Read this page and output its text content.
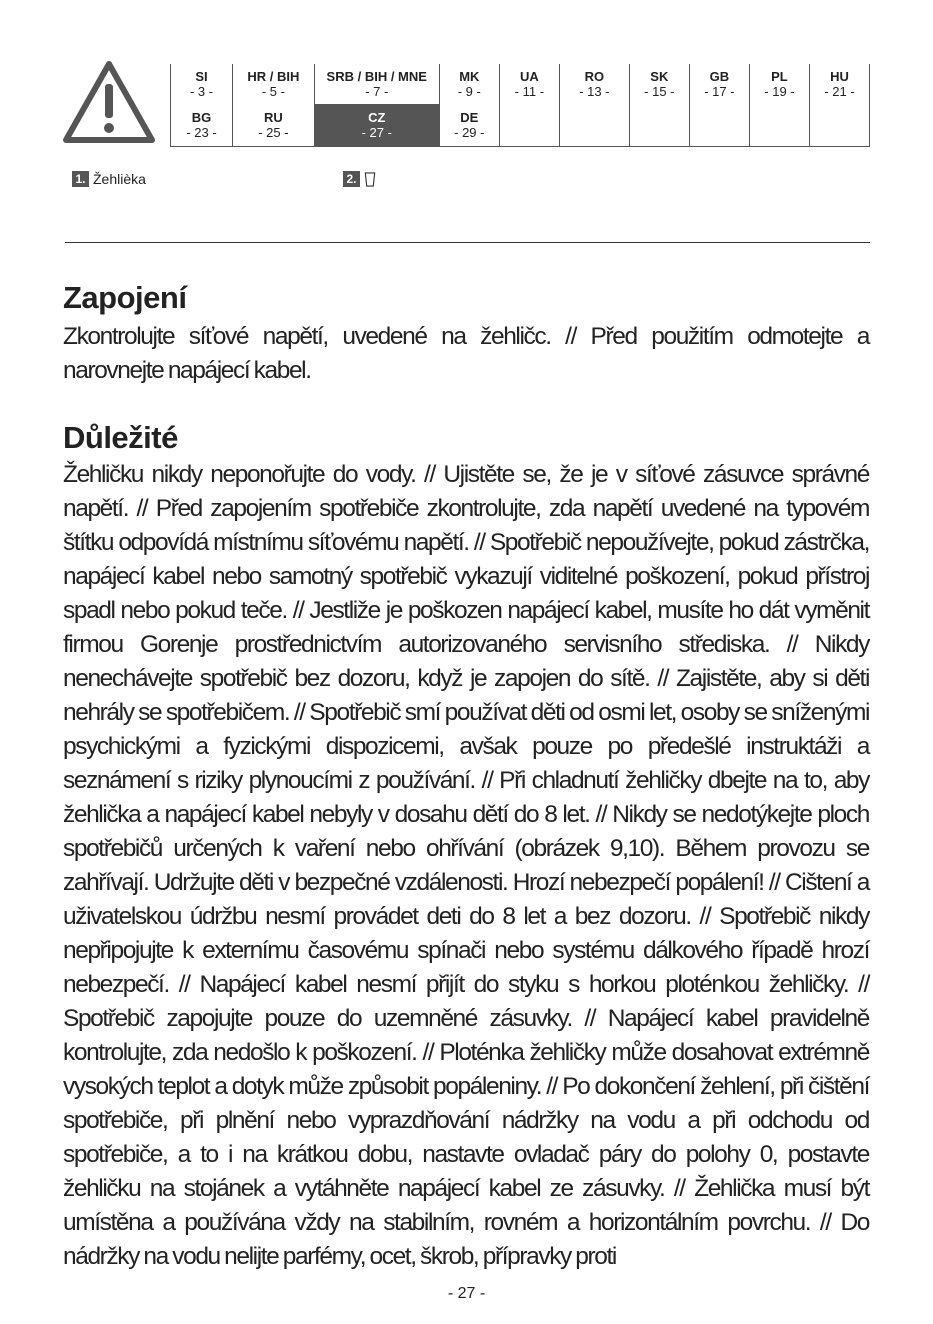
SI
- 3 -
HR / BIH
- 5 -
SRB / BIH / MNE
- 7 -
MK
- 9 -
UA
- 11 -
RO
- 13 -
SK
- 15 -
GB
- 17 -
PL
- 19 -
HU
- 21 -
BG
- 23 -
RU
- 25 -
CZ
- 27 -
DE
- 29 -
1. Žehlièka	2.
Zapojení

Zkontrolujte síťové napětí, uvedené na žehličc. // Před použitím odmotejte a narovnejte napájecí kabel.

Důležité

Žehličku nikdy neponořujte do vody. // Ujistěte se, že je v síťové zásuvce správné napětí. // Před zapojením spotřebiče zkontrolujte, zda napětí uvedené na typovém štítku odpovídá místnímu síťovému napětí. // Spotřebič nepoužívejte, pokud zástrčka, napájecí kabel nebo samotný spotřebič vykazují viditelné poškození, pokud přístroj spadl nebo pokud teče. // Jestliže je poškozen napájecí kabel, musíte ho dát vyměnit firmou Gorenje prostřednictvím autorizovaného servisního střediska. // Nikdy nenechávejte spotřebič bez dozoru, když je zapojen do sítě. // Zajistěte, aby si děti nehrály se spotřebičem. // Spotřebič smí používat děti od osmi let, osoby se sníženými psychickými a fyzickými dispozicemi, avšak pouze po předešlé instruktáži a seznámení s riziky plynoucími z používání. // Při chladnutí žehličky dbejte na to, aby žehlička a napájecí kabel nebyly v dosahu dětí do 8 let. // Nikdy se nedotýkejte ploch spotřebičů určených k vaření nebo ohřívání (obrázek 9,10). Během provozu se zahřívají. Udržujte děti v bezpečné vzdálenosti. Hrozí nebezpečí popálení! // Cištení a uživatelskou údržbu nesmí provádet deti do 8 let a bez dozoru. // Spotřebič nikdy nepřipojujte k externímu časovému spínači nebo systému dálkového řípadě hrozí nebezpečí. // Napájecí kabel nesmí přijít do styku s horkou ploténkou žehličky. // Spotřebič zapojujte pouze do uzemněné zásuvky. // Napájecí kabel pravidelně kontrolujte, zda nedošlo k poškození. // Ploténka žehličky může dosahovat extrémně vysokých teplot a dotyk může způsobit popáleniny. // Po dokončení žehlení, při čištění spotřebiče, při plnění nebo vyprazdňování nádržky na vodu a při odchodu od spotřebiče, a to i na krátkou dobu, nastavte ovladač páry do polohy 0, postavte žehličku na stojánek a vytáhněte napájecí kabel ze zásuvky. // Žehlička musí být umístěna a používána vždy na stabilním, rovném a horizontálním povrchu. // Do nádržky na vodu nelijte parfémy, ocet, škrob, přípravky proti

- 27 -
